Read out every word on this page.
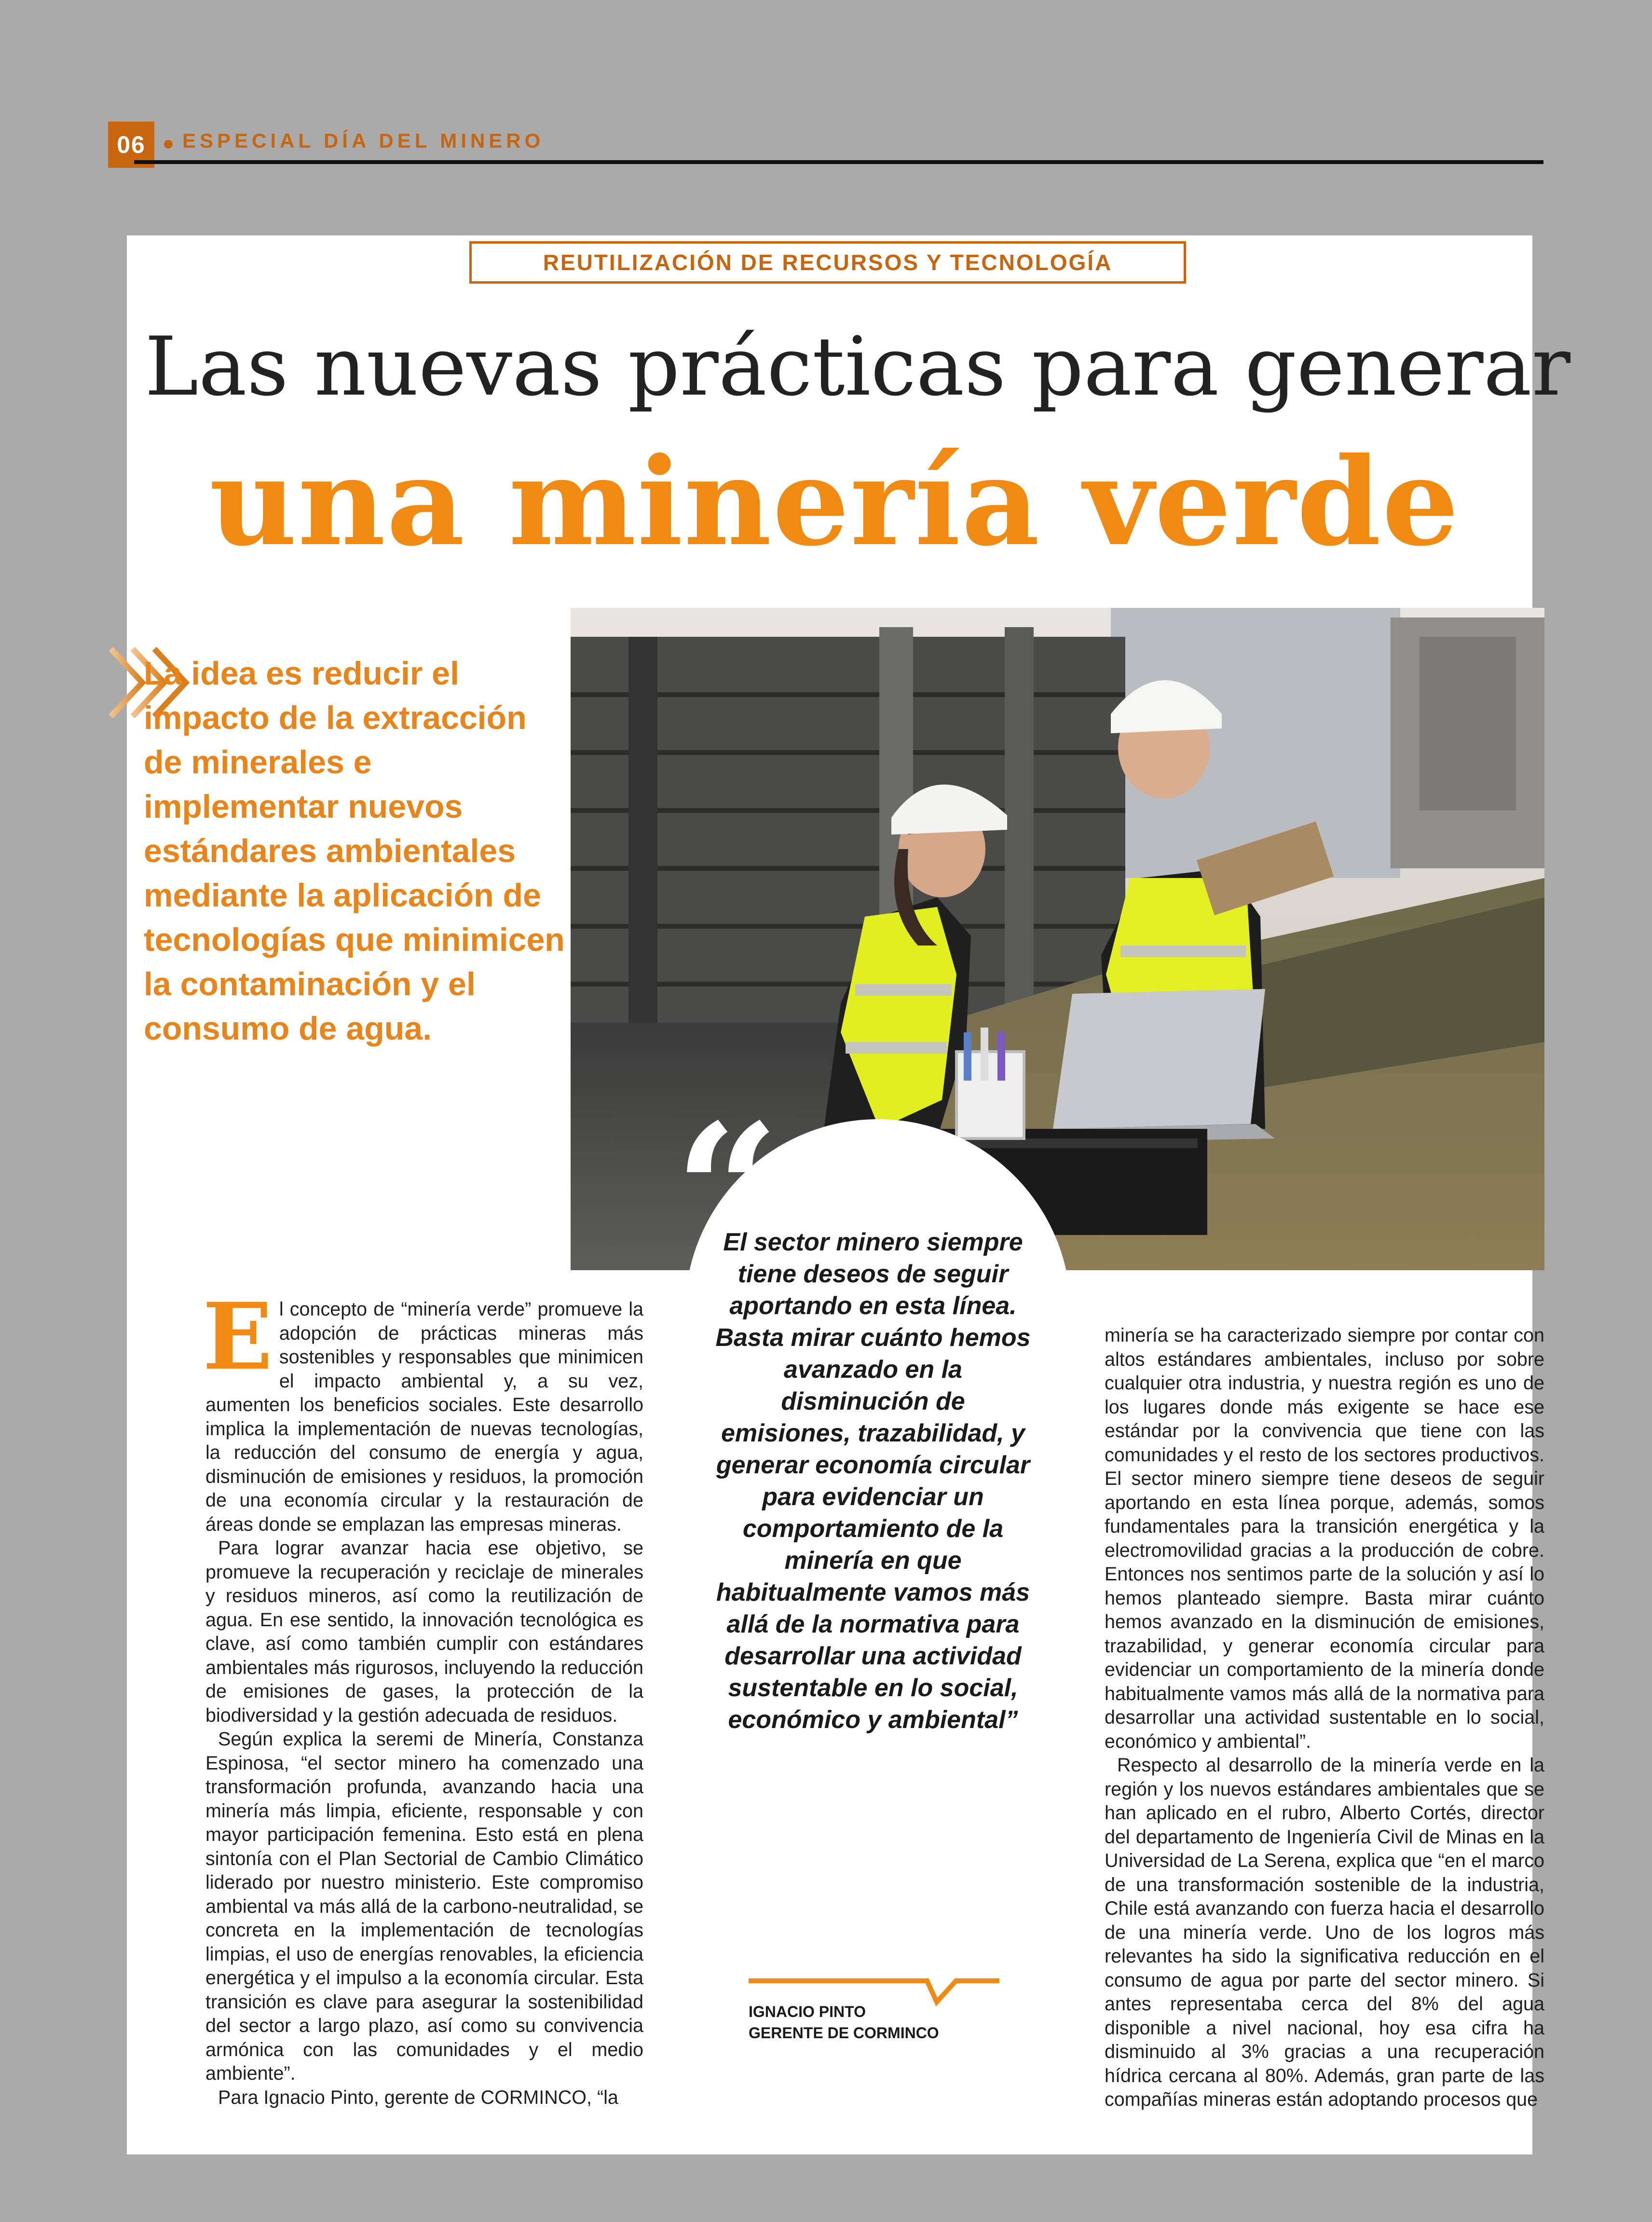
06	ESPECIAL DÍA DEL MINERO
REUTILIZACIÓN DE RECURSOS Y TECNOLOGÍA
Las nuevas prácticas para generar
una minería verde
La idea es reducir el impacto de la extracción de minerales e implementar nuevos estándares ambientales mediante la aplicación de tecnologías que minimicen la contaminación y el consumo de agua.
“
El sector minero siempre tiene deseos de seguir aportando en esta línea. Basta mirar cuánto hemos avanzado en la disminución de emisiones, trazabilidad, y generar economía circular para evidenciar un comportamiento de la minería en que habitualmente vamos más allá de la normativa para desarrollar una actividad sustentable en lo social, económico y ambiental”
IGNACIO PINTO
GERENTE DE CORMINCO
E l concepto de “minería verde” promueve la adopción de prácticas mineras más sostenibles y responsables que minimicen el impacto ambiental y, a su vez, aumenten los beneficios sociales. Este desarrollo implica la implementación de nuevas tecnologías, la reducción del consumo de energía y agua, disminución de emisiones y residuos, la promoción de una economía circular y la restauración de áreas donde se emplazan las empresas mineras.

Para lograr avanzar hacia ese objetivo, se promueve la recuperación y reciclaje de minerales y residuos mineros, así como la reutilización de agua. En ese sentido, la innovación tecnológica es clave, así como también cumplir con estándares ambientales más rigurosos, incluyendo la reducción de emisiones de gases, la protección de la biodiversidad y la gestión adecuada de residuos.

Según explica la seremi de Minería, Constanza Espinosa, “el sector minero ha comenzado una transformación profunda, avanzando hacia una minería más limpia, eficiente, responsable y con mayor participación femenina. Esto está en plena sintonía con el Plan Sectorial de Cambio Climático liderado por nuestro ministerio. Este compromiso ambiental va más allá de la carbono-neutralidad, se concreta en la implementación de tecnologías limpias, el uso de energías renovables, la eficiencia energética y el impulso a la economía circular. Esta transición es clave para asegurar la sostenibilidad del sector a largo plazo, así como su convivencia armónica con las comunidades y el medio ambiente”.

Para Ignacio Pinto, gerente de CORMINCO, “la

minería se ha caracterizado siempre por contar con altos estándares ambientales, incluso por sobre cualquier otra industria, y nuestra región es uno de los lugares donde más exigente se hace ese estándar por la convivencia que tiene con las comunidades y el resto de los sectores productivos. El sector minero siempre tiene deseos de seguir aportando en esta línea porque, además, somos fundamentales para la transición energética y la electromovilidad gracias a la producción de cobre. Entonces nos sentimos parte de la solución y así lo hemos planteado siempre. Basta mirar cuánto hemos avanzado en la disminución de emisiones, trazabilidad, y generar economía circular para evidenciar un comportamiento de la minería donde habitualmente vamos más allá de la normativa para desarrollar una actividad sustentable en lo social, económico y ambiental”.

Respecto al desarrollo de la minería verde en la región y los nuevos estándares ambientales que se han aplicado en el rubro, Alberto Cortés, director del departamento de Ingeniería Civil de Minas en la Universidad de La Serena, explica que “en el marco de una transformación sostenible de la industria, Chile está avanzando con fuerza hacia el desarrollo de una minería verde. Uno de los logros más relevantes ha sido la significativa reducción en el consumo de agua por parte del sector minero. Si antes representaba cerca del 8% del agua disponible a nivel nacional, hoy esa cifra ha disminuido al 3% gracias a una recuperación hídrica cercana al 80%. Además, gran parte de las compañías mineras están adoptando procesos que
